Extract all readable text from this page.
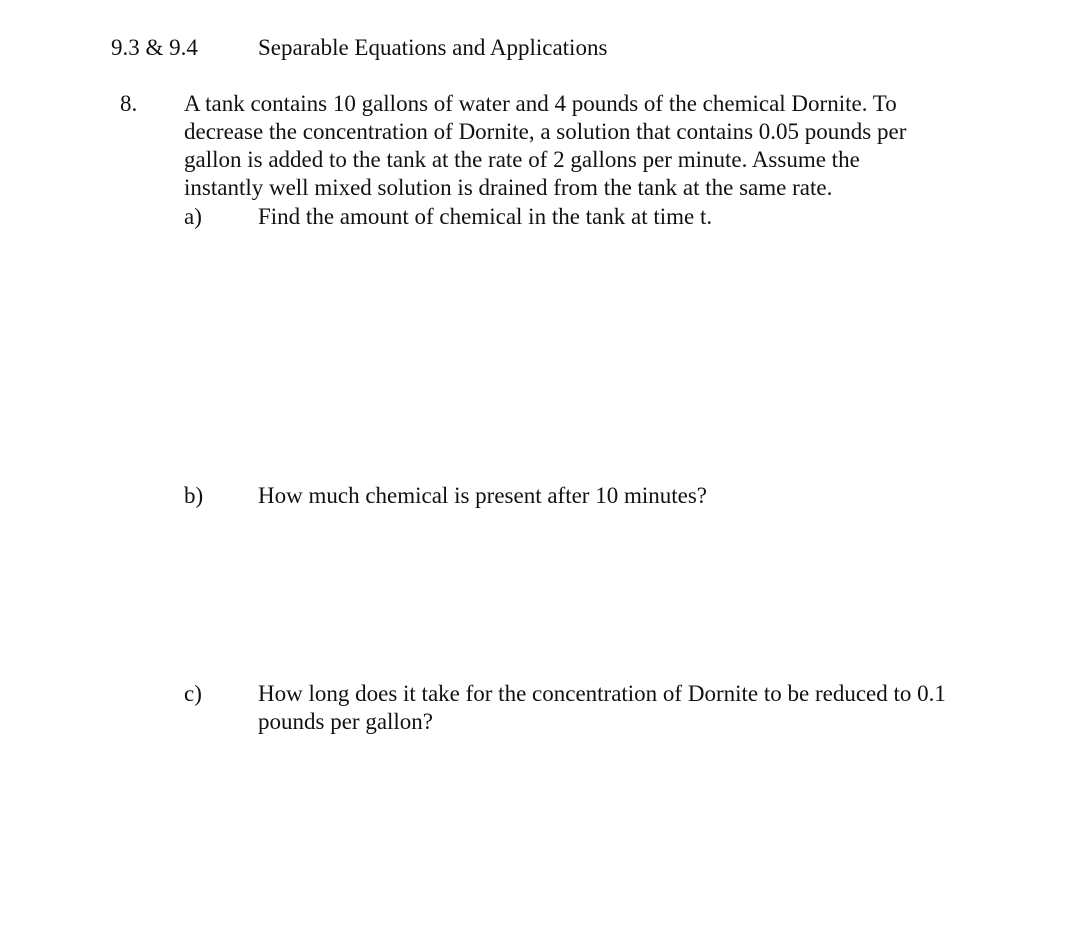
9.3 & 9.4	Separable Equations and Applications
8. A tank contains 10 gallons of water and 4 pounds of the chemical Dornite. To
decrease the concentration of Dornite, a solution that contains 0.05 pounds per
gallon is added to the tank at the rate of 2 gallons per minute. Assume the
instantly well mixed solution is drained from the tank at the same rate.
a) Find the amount of chemical in the tank at time t.
b) How much chemical is present after 10 minutes?
c) How long does it take for the concentration of Dornite to be reduced to 0.1
pounds per gallon?
